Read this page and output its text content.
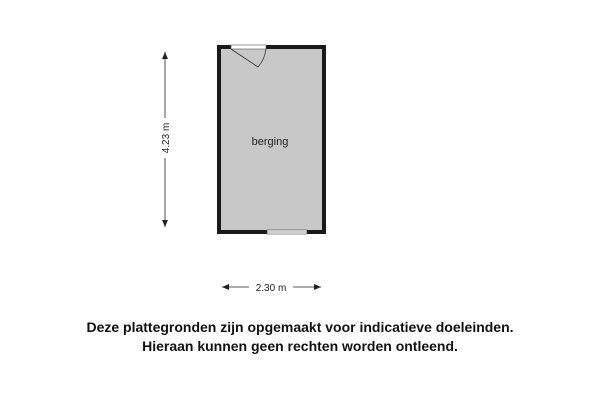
berging
4.23 m
2.30 m
Deze plattegronden zijn opgemaakt voor indicatieve doeleinden.
Hieraan kunnen geen rechten worden ontleend.
